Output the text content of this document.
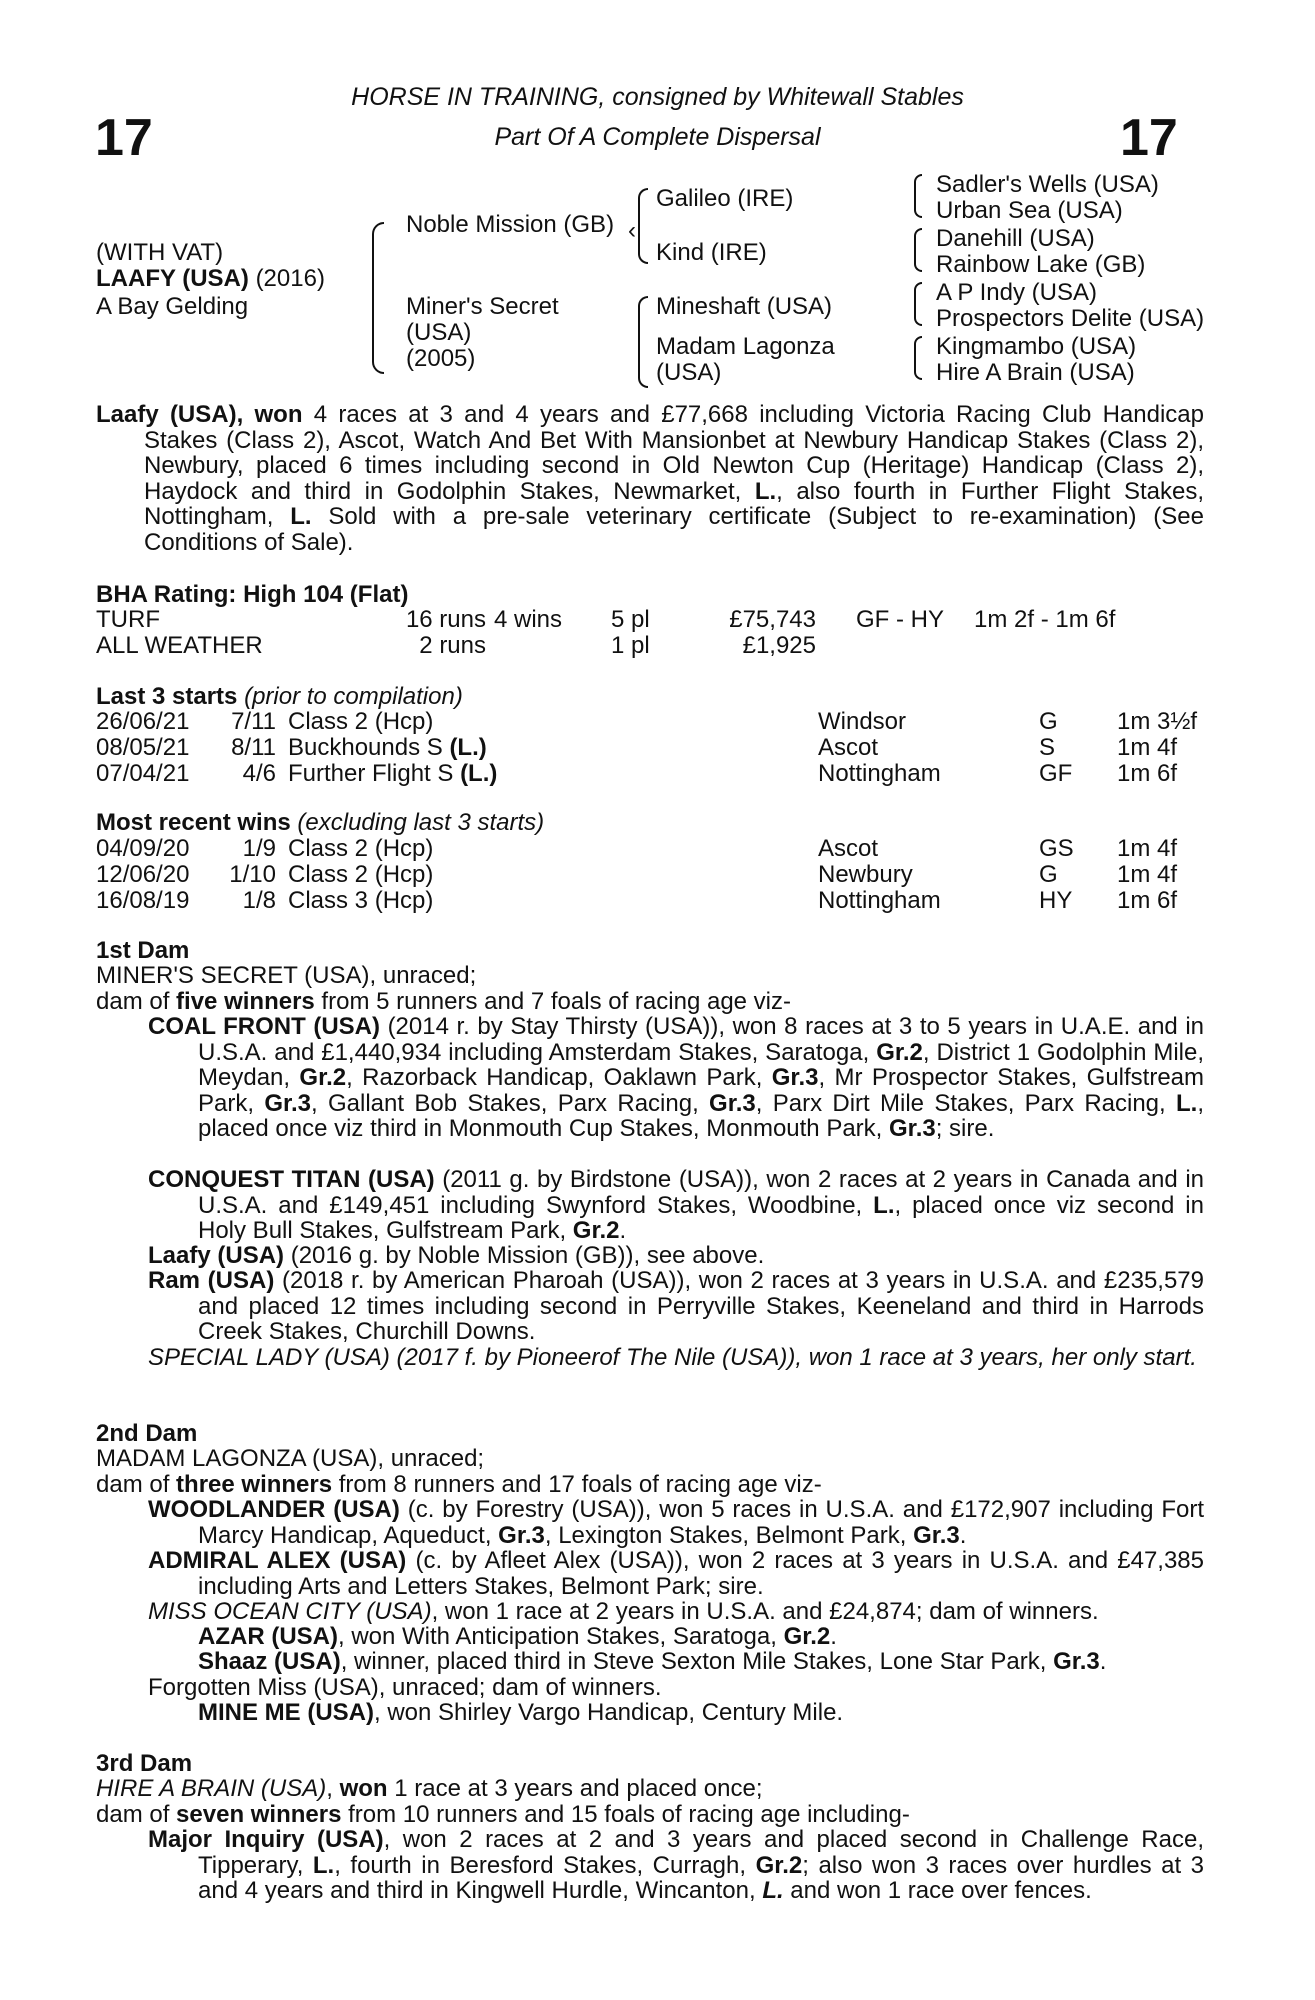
17	17
HORSE IN TRAINING, consigned by Whitewall Stables
Part Of A Complete Dispersal
(WITH VAT)
LAAFY (USA) (2016)
A Bay Gelding
Noble Mission (GB)
Miner's Secret
(USA)
(2005)
‹
Galileo (IRE)
Kind (IRE)
Mineshaft (USA)
Madam Lagonza
(USA)
Sadler's Wells (USA)
Urban Sea (USA)
Danehill (USA)
Rainbow Lake (GB)
A P Indy (USA)
Prospectors Delite (USA)
Kingmambo (USA)
Hire A Brain (USA)
Laafy (USA), won 4 races at 3 and 4 years and £77,668 including Victoria Racing Club Handicap Stakes (Class 2), Ascot, Watch And Bet With Mansionbet at Newbury Handicap Stakes (Class 2), Newbury, placed 6 times including second in Old Newton Cup (Heritage) Handicap (Class 2), Haydock and third in Godolphin Stakes, Newmarket, L., also fourth in Further Flight Stakes, Nottingham, L. Sold with a pre-sale veterinary certificate (Subject to re-examination) (See Conditions of Sale).
BHA Rating: High 104 (Flat)
TURF	16 runs 4 wins 5 pl	£75,743 GF - HY 1m 2f - 1m 6f
ALL WEATHER	2 runs	1 pl	£1,925
Last 3 starts (prior to compilation)
26/06/21	7/11 Class 2 (Hcp)	Windsor	G 1m 3½f
08/05/21	8/11 Buckhounds S (L.)	Ascot	S	1m 4f
07/04/21	4/6 Further Flight S (L.)	Nottingham	GF 1m 6f
Most recent wins (excluding last 3 starts)
04/09/20	1/9 Class 2 (Hcp)	Ascot	GS 1m 4f
12/06/20	1/10 Class 2 (Hcp)	Newbury	G 1m 4f
16/08/19	1/8 Class 3 (Hcp)	Nottingham	HY 1m 6f
1st Dam
MINER'S SECRET (USA), unraced;
dam of five winners from 5 runners and 7 foals of racing age viz-
COAL FRONT (USA) (2014 r. by Stay Thirsty (USA)), won 8 races at 3 to 5 years in U.A.E. and in U.S.A. and £1,440,934 including Amsterdam Stakes, Saratoga, Gr.2, District 1 Godolphin Mile, Meydan, Gr.2, Razorback Handicap, Oaklawn Park, Gr.3, Mr Prospector Stakes, Gulfstream Park, Gr.3, Gallant Bob Stakes, Parx Racing, Gr.3, Parx Dirt Mile Stakes, Parx Racing, L., placed once viz third in Monmouth Cup Stakes, Monmouth Park, Gr.3; sire.
CONQUEST TITAN (USA) (2011 g. by Birdstone (USA)), won 2 races at 2 years in Canada and in U.S.A. and £149,451 including Swynford Stakes, Woodbine, L., placed once viz second in Holy Bull Stakes, Gulfstream Park, Gr.2.
Laafy (USA) (2016 g. by Noble Mission (GB)), see above.
Ram (USA) (2018 r. by American Pharoah (USA)), won 2 races at 3 years in U.S.A. and £235,579 and placed 12 times including second in Perryville Stakes, Keeneland and third in Harrods Creek Stakes, Churchill Downs.
SPECIAL LADY (USA) (2017 f. by Pioneerof The Nile (USA)), won 1 race at 3 years, her only start.
2nd Dam
MADAM LAGONZA (USA), unraced;
dam of three winners from 8 runners and 17 foals of racing age viz-
WOODLANDER (USA) (c. by Forestry (USA)), won 5 races in U.S.A. and £172,907 including Fort Marcy Handicap, Aqueduct, Gr.3, Lexington Stakes, Belmont Park, Gr.3.
ADMIRAL ALEX (USA) (c. by Afleet Alex (USA)), won 2 races at 3 years in U.S.A. and £47,385 including Arts and Letters Stakes, Belmont Park; sire.
MISS OCEAN CITY (USA), won 1 race at 2 years in U.S.A. and £24,874; dam of winners.
AZAR (USA), won With Anticipation Stakes, Saratoga, Gr.2.
Shaaz (USA), winner, placed third in Steve Sexton Mile Stakes, Lone Star Park, Gr.3.
Forgotten Miss (USA), unraced; dam of winners.
MINE ME (USA), won Shirley Vargo Handicap, Century Mile.
3rd Dam
HIRE A BRAIN (USA), won 1 race at 3 years and placed once;
dam of seven winners from 10 runners and 15 foals of racing age including-
Major Inquiry (USA), won 2 races at 2 and 3 years and placed second in Challenge Race, Tipperary, L., fourth in Beresford Stakes, Curragh, Gr.2; also won 3 races over hurdles at 3 and 4 years and third in Kingwell Hurdle, Wincanton, L. and won 1 race over fences.
